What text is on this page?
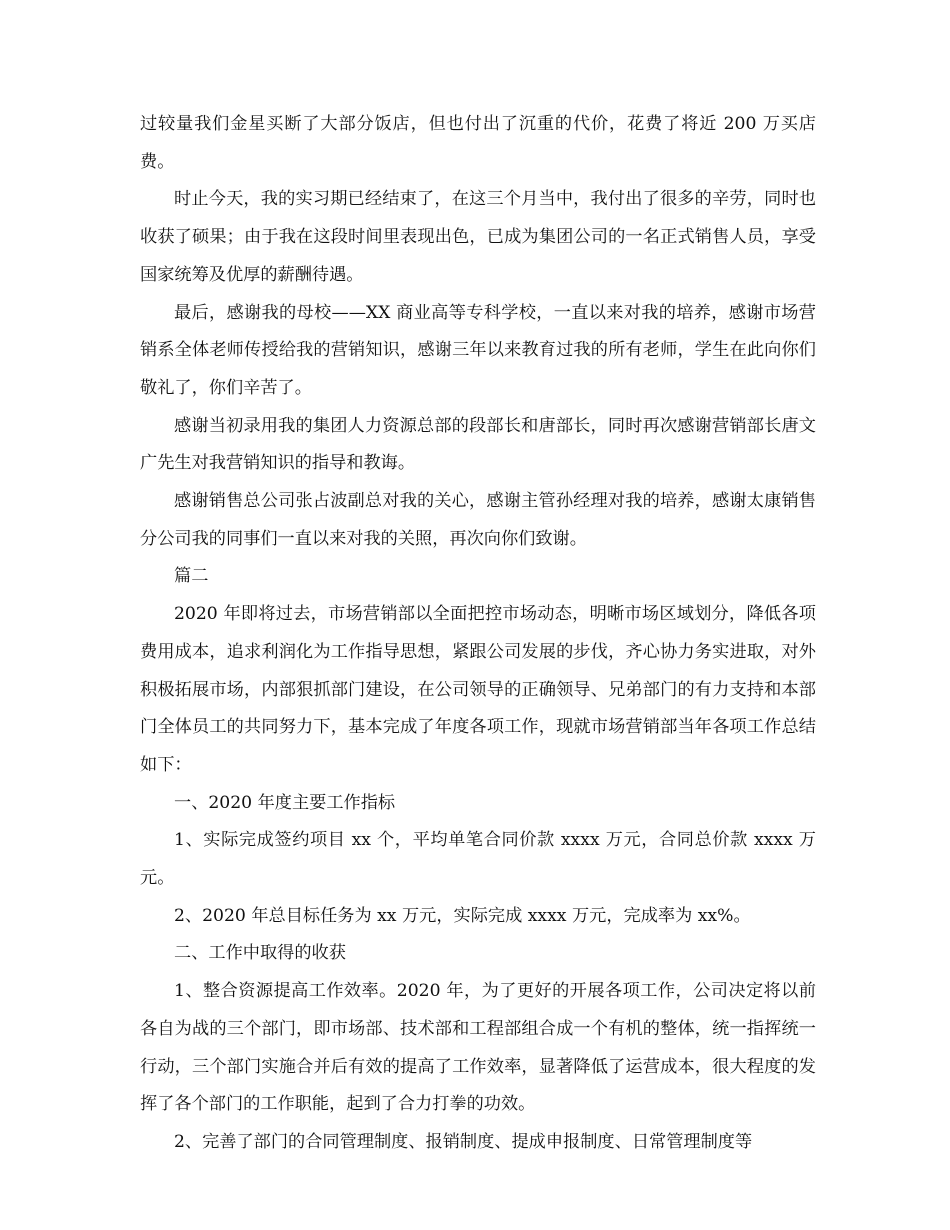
过较量我们金星买断了大部分饭店，但也付出了沉重的代价，花费了将近 200 万买店费。

时止今天，我的实习期已经结束了，在这三个月当中，我付出了很多的辛劳，同时也收获了硕果；由于我在这段时间里表现出色，已成为集团公司的一名正式销售人员，享受国家统筹及优厚的薪酬待遇。

最后，感谢我的母校——XX 商业高等专科学校，一直以来对我的培养，感谢市场营销系全体老师传授给我的营销知识，感谢三年以来教育过我的所有老师，学生在此向你们敬礼了，你们辛苦了。

感谢当初录用我的集团人力资源总部的段部长和唐部长，同时再次感谢营销部长唐文广先生对我营销知识的指导和教诲。

感谢销售总公司张占波副总对我的关心，感谢主管孙经理对我的培养，感谢太康销售分公司我的同事们一直以来对我的关照，再次向你们致谢。

篇二

2020 年即将过去，市场营销部以全面把控市场动态，明晰市场区域划分，降低各项费用成本，追求利润化为工作指导思想，紧跟公司发展的步伐，齐心协力务实进取，对外积极拓展市场，内部狠抓部门建设，在公司领导的正确领导、兄弟部门的有力支持和本部门全体员工的共同努力下，基本完成了年度各项工作，现就市场营销部当年各项工作总结如下：

一、2020 年度主要工作指标

1、实际完成签约项目 xx 个，平均单笔合同价款 xxxx 万元，合同总价款 xxxx 万元。

2、2020 年总目标任务为 xx 万元，实际完成 xxxx 万元，完成率为 xx%。

二、工作中取得的收获

1、整合资源提高工作效率。2020 年，为了更好的开展各项工作，公司决定将以前各自为战的三个部门，即市场部、技术部和工程部组合成一个有机的整体，统一指挥统一行动，三个部门实施合并后有效的提高了工作效率，显著降低了运营成本，很大程度的发挥了各个部门的工作职能，起到了合力打拳的功效。

2、完善了部门的合同管理制度、报销制度、提成申报制度、日常管理制度等
